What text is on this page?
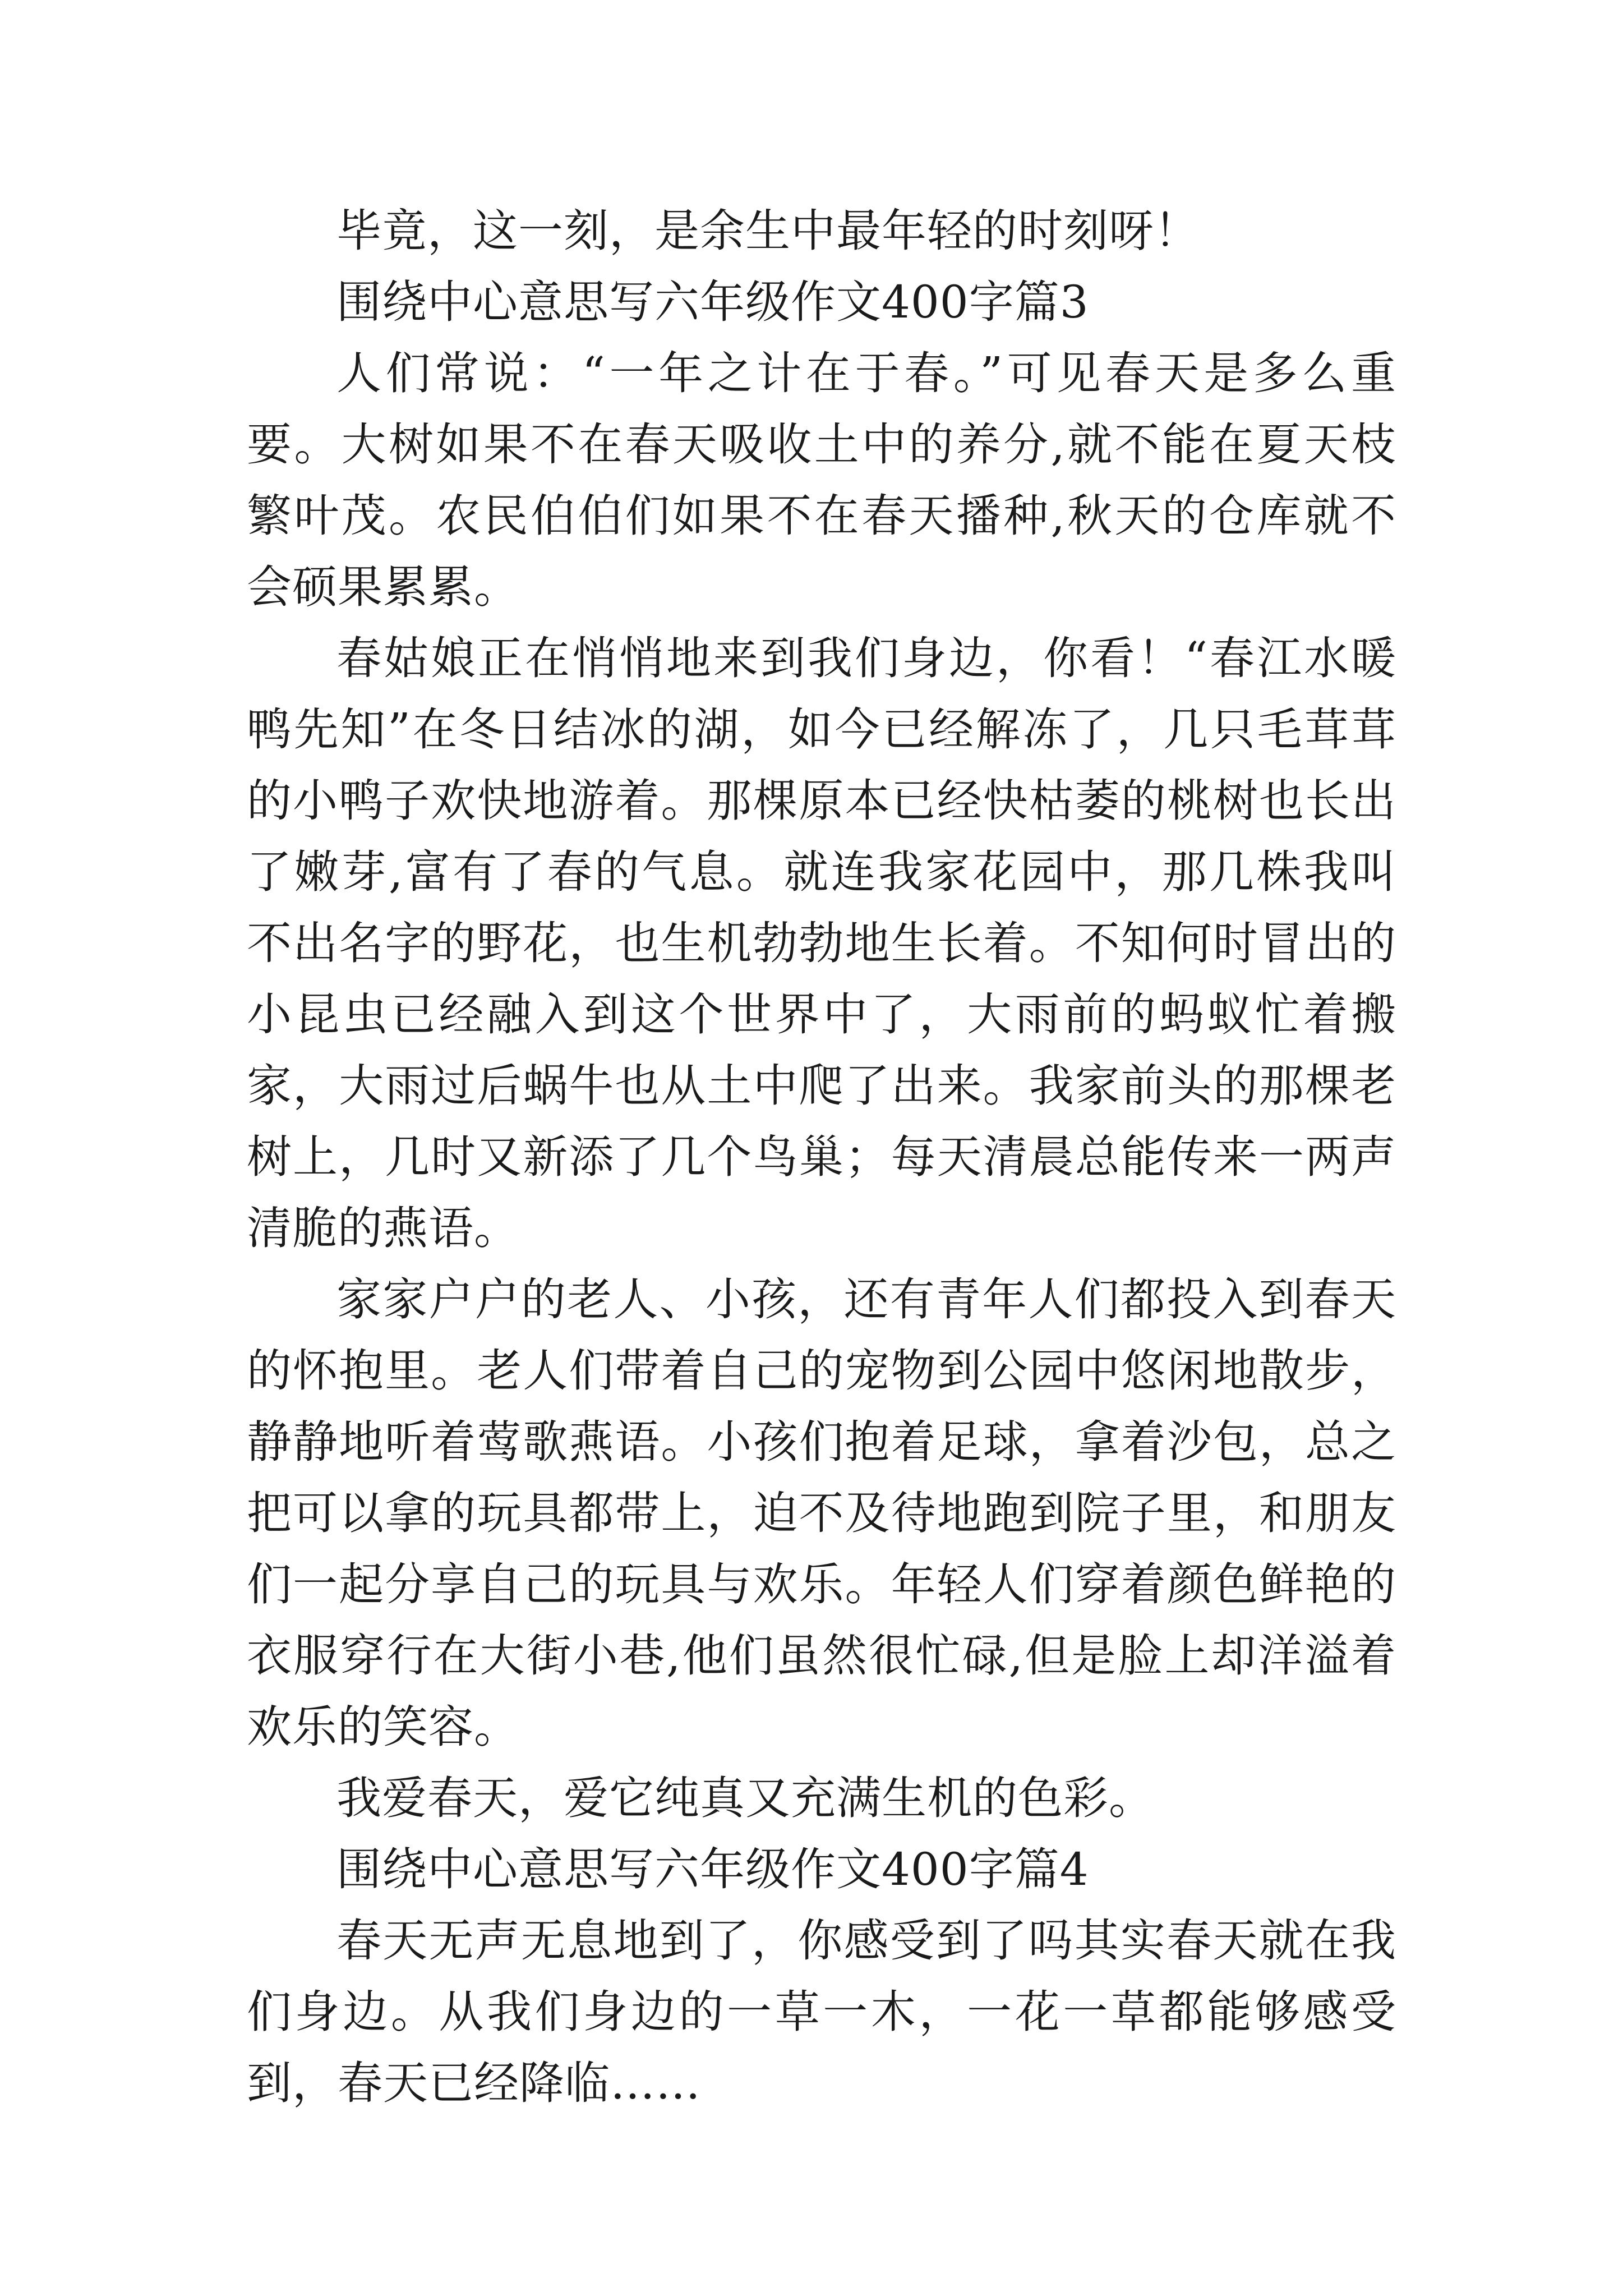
毕竟，这一刻，是余生中最年轻的时刻呀！

围绕中心意思写六年级作文400字篇3

人们常说：“一年之计在于春。”可见春天是多么重要。大树如果不在春天吸收土中的养分,就不能在夏天枝繁叶茂。农民伯伯们如果不在春天播种,秋天的仓库就不会硕果累累。

春姑娘正在悄悄地来到我们身边，你看！“春江水暖鸭先知”在冬日结冰的湖，如今已经解冻了，几只毛茸茸的小鸭子欢快地游着。那棵原本已经快枯萎的桃树也长出了嫩芽,富有了春的气息。就连我家花园中，那几株我叫不出名字的野花，也生机勃勃地生长着。不知何时冒出的小昆虫已经融入到这个世界中了，大雨前的蚂蚁忙着搬家，大雨过后蜗牛也从土中爬了出来。我家前头的那棵老树上，几时又新添了几个鸟巢；每天清晨总能传来一两声清脆的燕语。

家家户户的老人、小孩，还有青年人们都投入到春天的怀抱里。老人们带着自己的宠物到公园中悠闲地散步，静静地听着莺歌燕语。小孩们抱着足球，拿着沙包，总之把可以拿的玩具都带上，迫不及待地跑到院子里，和朋友们一起分享自己的玩具与欢乐。年轻人们穿着颜色鲜艳的衣服穿行在大街小巷,他们虽然很忙碌,但是脸上却洋溢着欢乐的笑容。

我爱春天，爱它纯真又充满生机的色彩。

围绕中心意思写六年级作文400字篇4

春天无声无息地到了，你感受到了吗其实春天就在我们身边。从我们身边的一草一木，一花一草都能够感受到，春天已经降临……
